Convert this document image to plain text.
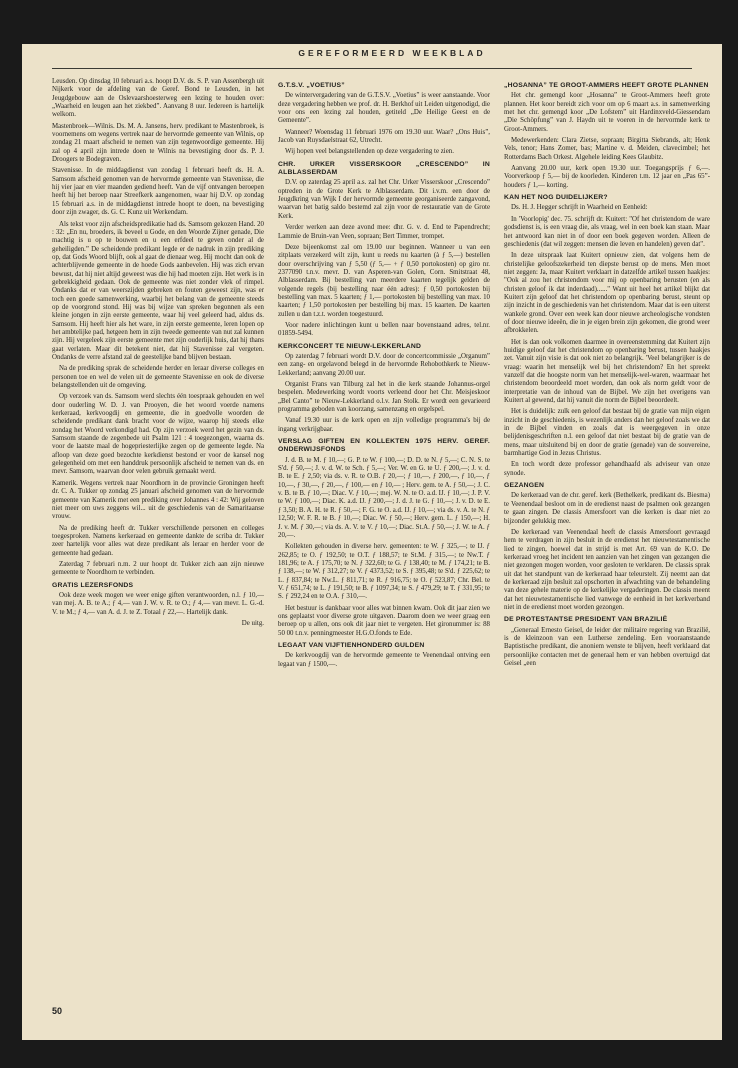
GEREFORMEERD WEEKBLAD

Leusden. Op dinsdag 10 februari a.s. hoopt D.V. ds. S. P. van Assenbergh uit Nijkerk voor de afdeling van de Geref. Bond te Leusden, in het Jeugdgebouw aan de Oslevaarshoesterweg een lezing te houden over: „Waarheid en leugen aan het ziekbed”. Aanvang 8 uur. Iedereen is hartelijk welkom.

Mastenbroek—Wilnis. Ds. M. A. Jansens, herv. predikant te Mastenbroek, is voornemens om wegens vertrek naar de hervormde gemeente van Wilnis, op zondag 21 maart afscheid te nemen van zijn tegenwoordige gemeente. Hij zal op 4 april zijn intrede doen te Wilnis na bevestiging door ds. P. J. Droogers te Bodegraven.

Stavenisse. In de middagdienst van zondag 1 februari heeft ds. H. A. Samsom afscheid genomen van de hervormde gemeente van Stavenisse, die hij vier jaar en vier maanden gediend heeft. Van de vijf ontvangen beroepen heeft hij het beroep naar Streefkerk aangenomen, waar hij D.V. op zondag 15 februari a.s. in de middagdienst intrede hoopt te doen, na bevestiging door zijn zwager, ds. G. C. Kunz uit Werkendam.

Als tekst voor zijn afscheidspredikatie had ds. Samsom gekozen Hand. 20 : 32: „En nu, broeders, ik beveel u Gode, en den Woorde Zijner genade, Die machtig is u op te bouwen en u een erfdeel te geven onder al de geheiligden.” De scheidende predikant legde er de nadruk in zijn prediking op, dat Gods Woord blijft, ook al gaat de dienaar weg. Hij mocht dan ook de achterblijvende gemeente in de hoede Gods aanbevelen. Hij was zich ervan bewust, dat hij niet altijd geweest was die hij had moeten zijn. Het werk is in gebrekkigheid gedaan. Ook de gemeente was niet zonder vlek of rimpel. Ondanks dat er van weerszijden gebreken en fouten geweest zijn, was er toch een goede samenwerking, waarbij het belang van de gemeente steeds op de voorgrond stond. Hij was bij wijze van spreken begonnen als een kleine jongen in zijn eerste gemeente, waar hij veel geleerd had, aldus ds. Samsom. Hij heeft hier als het ware, in zijn eerste gemeente, leren lopen op het ambtelijke pad, hetgeen hem in zijn tweede gemeente van nut zal kunnen zijn. Hij vergeleek zijn eerste gemeente met zijn ouderlijk huis, dat hij thans gaat verlaten. Maar dit betekent niet, dat hij Stavenisse zal vergeten. Ondanks de verre afstand zal de geestelijke band blijven bestaan.

Na de prediking sprak de scheidende herder en leraar diverse colleges en personen toe en wel de velen uit de gemeente Stavenisse en ook de diverse belangstellenden uit de omgeving.

Op verzoek van ds. Samsom werd slechts één toespraak gehouden en wel door ouderling W. D. J. van Prooyen, die het woord voerde namens kerkeraad, kerkvoogdij en gemeente, die in goedvolle woorden de scheidende predikant dank bracht voor de wijze, waarop hij steeds elke zondag het Woord verkondigd had. Op zijn verzoek werd het gezin van ds. Samsom staande de zegenbede uit Psalm 121 : 4 toegezongen, waarna ds. voor de laatste maal de hogepriesterlijke zegen op de gemeente legde. Na afloop van deze goed bezochte kerkdienst bestond er voor de kansel nog gelegenheid om met een handdruk persoonlijk afscheid te nemen van ds. en mevr. Samsom, waarvan door velen gebruik gemaakt werd.

Kamerik. Wegens vertrek naar Noordhorn in de provincie Groningen heeft dr. C. A. Tukker op zondag 25 januari afscheid genomen van de hervormde gemeente van Kamerik met een prediking over Johannes 4 : 42: Wij geloven niet meer om uws zeggens wil... uit de geschiedenis van de Samaritaanse vrouw.

Na de prediking heeft dr. Tukker verschillende personen en colleges toegesproken. Namens kerkeraad en gemeente dankte de scriba dr. Tukker zeer hartelijk voor alles wat deze predikant als leraar en herder voor de gemeente had gedaan.

Zaterdag 7 februari n.m. 2 uur hoopt dr. Tukker zich aan zijn nieuwe gemeente te Noordhorn te verbinden.

GRATIS LEZERSFONDS

Ook deze week mogen we weer enige giften verantwoorden, n.l. ƒ 10,— van mej. A. B. te A.; ƒ 4,— van J. W. v. R. te O.; ƒ 4,— van mevr. L. G.-d. V. te M.; ƒ 4,— van A. d. J. te Z. Totaal ƒ 22,—. Hartelijk dank.

De uitg.

G.T.S.V. „VOETIUS”

De wintervergadering van de G.T.S.V. „Voetius” is weer aanstaande. Voor deze vergadering hebben we prof. dr. H. Berkhof uit Leiden uitgenodigd, die voor ons een lezing zal houden, getiteld „De Heilige Geest en de Gemeente”.

Wanneer? Woensdag 11 februari 1976 om 19.30 uur. Waar? „Ons Huis”, Jacob van Ruysdaelstraat 62, Utrecht.

Wij hopen veel belangstellenden op deze vergadering te zien.

CHR. URKER VISSERSKOOR „CRESCENDO” IN ALBLASSERDAM

D.V. op zaterdag 25 april a.s. zal het Chr. Urker Visserskoor „Crescendo” optreden in de Grote Kerk te Alblasserdam. Dit i.v.m. een door de Jeugdkring van Wijk I der hervormde gemeente georganiseerde zangavond, waarvan het batig saldo bestemd zal zijn voor de restauratie van de Grote Kerk.

Verder werken aan deze avond mee: dhr. G. v. d. End te Papendrecht; Lammie de Bruin-van Veen, sopraan; Bert Timmer, trompet.

Deze bijeenkomst zal om 19.00 uur beginnen. Wanneer u van een zitplaats verzekerd wilt zijn, kunt u reeds nu kaarten (à ƒ 5,—) bestellen door overschrijving van ƒ 5,50 (ƒ 5,— + ƒ 0,50 portokosten) op giro nr. 2377090 t.n.v. mevr. D. van Asperen-van Golen, Corn. Smitstraat 48, Alblasserdam. Bij bestelling van meerdere kaarten tegelijk gelden de volgende regels (bij bestelling naar één adres): ƒ 0,50 portokosten bij bestelling van max. 5 kaarten; ƒ 1,— portokosten bij bestelling van max. 10 kaarten; ƒ 1,50 portokosten per bestelling bij max. 15 kaarten. De kaarten zullen u dan t.z.t. worden toegestuurd.

Voor nadere inlichtingen kunt u bellen naar bovenstaand adres, tel.nr. 01859-5494.

KERKCONCERT TE NIEUW-LEKKERLAND

Op zaterdag 7 februari wordt D.V. door de concertcommissie „Organum” een zang- en orgelavond belegd in de hervormde Rehobothkerk te Nieuw-Lekkerland; aanvang 20.00 uur.

Organist Frans van Tilburg zal het in die kerk staande Johannus-orgel bespelen. Medewerking wordt voorts verleend door het Chr. Meisjeskoor „Bel Canto” te Nieuw-Lekkerland o.l.v. Jan Stolk. Er wordt een gevarieerd programma geboden van koorzang, samenzang en orgelspel.

Vanaf 19.30 uur is de kerk open en zijn volledige programma's bij de ingang verkrijgbaar.

VERSLAG GIFTEN EN KOLLEKTEN 1975 HERV. GEREF. ONDERWIJSFONDS

J. d. B. te M. ƒ 10,—; G. P. te W. ƒ 100,—; D. D. te N. ƒ 5,—; C. N. S. te S'd. ƒ 50,—; J. v. d. W. te Sch. ƒ 5,—; Ver. W. en G. te U. ƒ 200,—; J. v. d. B. te E. ƒ 2,50; via ds. v. R. te O.B. ƒ 20,—; ƒ 10,—, ƒ 200,—, ƒ 10,—, ƒ 10,—, ƒ 30,—, ƒ 20,—, ƒ 100,— en ƒ 10,— ; Herv. gem. te A. ƒ 50,—; J. C. v. B. te B. ƒ 10,—; Diac. V. ƒ 10,—; mej. W. N. te O. a.d. IJ. ƒ 10,—; J. P. V. te W. ƒ 100,—; Diac. K. a.d. IJ. ƒ 200,—; J. d. J. te G. ƒ 10,—; J. v. D. te E. ƒ 3,50; B. A. H. te R. ƒ 50,—; F. G. te O. a.d. IJ. ƒ 10,—; via ds. v. A. te N. ƒ 12,50; W. F. R. te B. ƒ 10,—; Diac. W. ƒ 50,—; Herv. gem. L. ƒ 150,—; H. J. v. M. ƒ 30,—; via ds. A. V. te V. ƒ 10,—; Diac. St.A. ƒ 50,—; J. W. te A. ƒ 20,—.

Kollekten gehouden in diverse herv. gemeenten: te W. ƒ 325,—; te IJ. ƒ 262,85; te O. ƒ 192,50; te O.T. ƒ 188,57; te St.M. ƒ 315,—; te Nw.T. ƒ 181,96; te A. ƒ 175,70; te N. ƒ 322,60; te G. ƒ 138,40; te M. ƒ 174,21; te B. ƒ 138,—; te W. ƒ 312,27; te V. ƒ 4373,52; te S. ƒ 395,48; te S'd. ƒ 225,62; te L. ƒ 837,84; te Nw.L. ƒ 811,71; te R. ƒ 916,75; te O. ƒ 523,87; Chr. Bel. te V. ƒ 651,74; te L. ƒ 191,50; te B. ƒ 1097,34; te S. ƒ 479,29; te T. ƒ 331,95; te S. ƒ 292,24 en te O.A. ƒ 310,—.

Het bestuur is dankbaar voor alles wat binnen kwam. Ook dit jaar zien we ons geplaatst voor diverse grote uitgaven. Daarom doen we weer graag een beroep op u allen, ons ook dit jaar niet te vergeten. Het gironummer is: 88 50 00 t.n.v. penningmeester H.G.O.fonds te Ede.

LEGAAT VAN VIJFTIENHONDERD GULDEN

De kerkvoogdij van de hervormde gemeente te Veenendaal ontving een legaat van ƒ 1500,—.

„HOSANNA” TE GROOT-AMMERS HEEFT GROTE PLANNEN

Het chr. gemengd koor „Hosanna” te Groot-Ammers heeft grote plannen. Het koor bereidt zich voor om op 6 maart a.s. in samenwerking met het chr. gemengd koor „De Lofstem” uit Hardinxveld-Giessendam „Die Schöpfung” van J. Haydn uit te voeren in de hervormde kerk te Groot-Ammers.

Medewerkenden: Clara Zietse, sopraan; Birgitta Siebrands, alt; Henk Vels, tenor; Hans Zomer, bas; Martine v. d. Meiden, clavecimbel; het Rotterdams Bach Orkest. Algehele leiding Kees Glaubitz.

Aanvang 20.00 uur, kerk open 19.30 uur. Toegangsprijs ƒ 6,—. Voorverkoop ƒ 5,— bij de koorleden. Kinderen t.m. 12 jaar en „Pas 65”-houders ƒ 1,— korting.

KAN HET NOG DUIDELIJKER?

Ds. H. J. Hegger schrijft in Waarheid en Eenheid:

In 'Voorlopig' dec. 75. schrijft dr. Kuitert: "Of het christendom de ware godsdienst is, is een vraag die, als vraag, wel in een boek kan staan. Maar het antwoord kan niet in of door een boek gegeven worden. Alleen de geschiedenis (dat wil zeggen: mensen die leven en handelen) geven dat".

In deze uitspraak laat Kuitert opnieuw zien, dat volgens hem de christelijke geloofszekerheid ten diepste berust op de mens. Men moet niet zeggen: Ja, maar Kuitert verklaart in datzelfde artikel tussen haakjes: "Ook al zou het christendom voor mij op openbaring berusten (en als christen geloof ik dat inderdaad)......" Want uit heel het artikel blijkt dat Kuitert zijn geloof dat het christendom op openbaring berust, steunt op zijn inzicht in de geschiedenis van het christendom. Maar dat is een uiterst wankele grond. Over een week kan door nieuwe archeologische vondsten of door nieuwe ideeën, die in je eigen brein zijn gekomen, die grond weer afbrokkelen.

Het is dan ook volkomen daarmee in overeenstemming dat Kuitert zijn huidige geloof dat het christendom op openbaring berust, tussen haakjes zet. Vanuit zijn visie is dat ook niet zo belangrijk. 'Veel belangrijker is de vraag: waarin het menselijk wel bij het christendom? En het spreekt vanzelf dat die hoogste norm van het menselijk-wel-waren, waarmaar het christendom beoordeeld moet worden, dan ook als norm geldt voor de interpretatie van de inhoud van de Bijbel. We zijn het overigens van Kuitert al gewend, dat hij vanuit die norm de Bijbel beoordeelt.

Het is duidelijk: zulk een geloof dat bestaat bij de gratie van mijn eigen inzicht in de geschiedenis, is wezenlijk anders dan het geloof zoals we dat in de Bijbel vinden en zoals dat is weergegeven in onze belijdenisgeschriften n.l. een geloof dat niet bestaat bij de gratie van de mens, maar uitsluitend bij en door de gratie (genade) van de souvereine, barmhartige God in Jezus Christus.

En toch wordt deze professor gehandhaafd als adviseur van onze synode.

GEZANGEN

De kerkeraad van de chr. geref. kerk (Bethelkerk, predikant ds. Biesma) te Veenendaal besloot om in de eredienst naast de psalmen ook gezangen te gaan zingen. De classis Amersfoort van die kerken is daar niet zo bijzonder gelukkig mee.

De kerkeraad van Veenendaal heeft de classis Amersfoort gevraagd hem te verdragen in zijn besluit in de eredienst het nieuwtestamentische lied te zingen, hoewel dat in strijd is met Art. 69 van de K.O. De kerkeraad vroeg het incident ten aanzien van het zingen van gezangen die niet gezongen mogen worden, voor gesloten te verklaren. De classis sprak uit dat het standpunt van de kerkeraad haar teleurstelt. Zij neemt aan dat de kerkeraad zijn besluit zal opschorten in afwachting van de behandeling van deze gehele materie op de kerkelijke vergaderingen. De classis meent dat het nieuwtestamentische lied vanwege de eenheid in het kerkverband niet in de eredienst moet worden gezongen.

DE PROTESTANTSE PRESIDENT VAN BRAZILIË

„Generaal Ernesto Geisel, de leider der militaire regering van Brazilië, is de kleinzoon van een Lutherse zendeling. Een vooraanstaande Baptistische predikant, die anoniem wenste te blijven, heeft verklaard dat persoonlijke contacten met de generaal hem er van hebben overtuigd dat Geisel „een

50
